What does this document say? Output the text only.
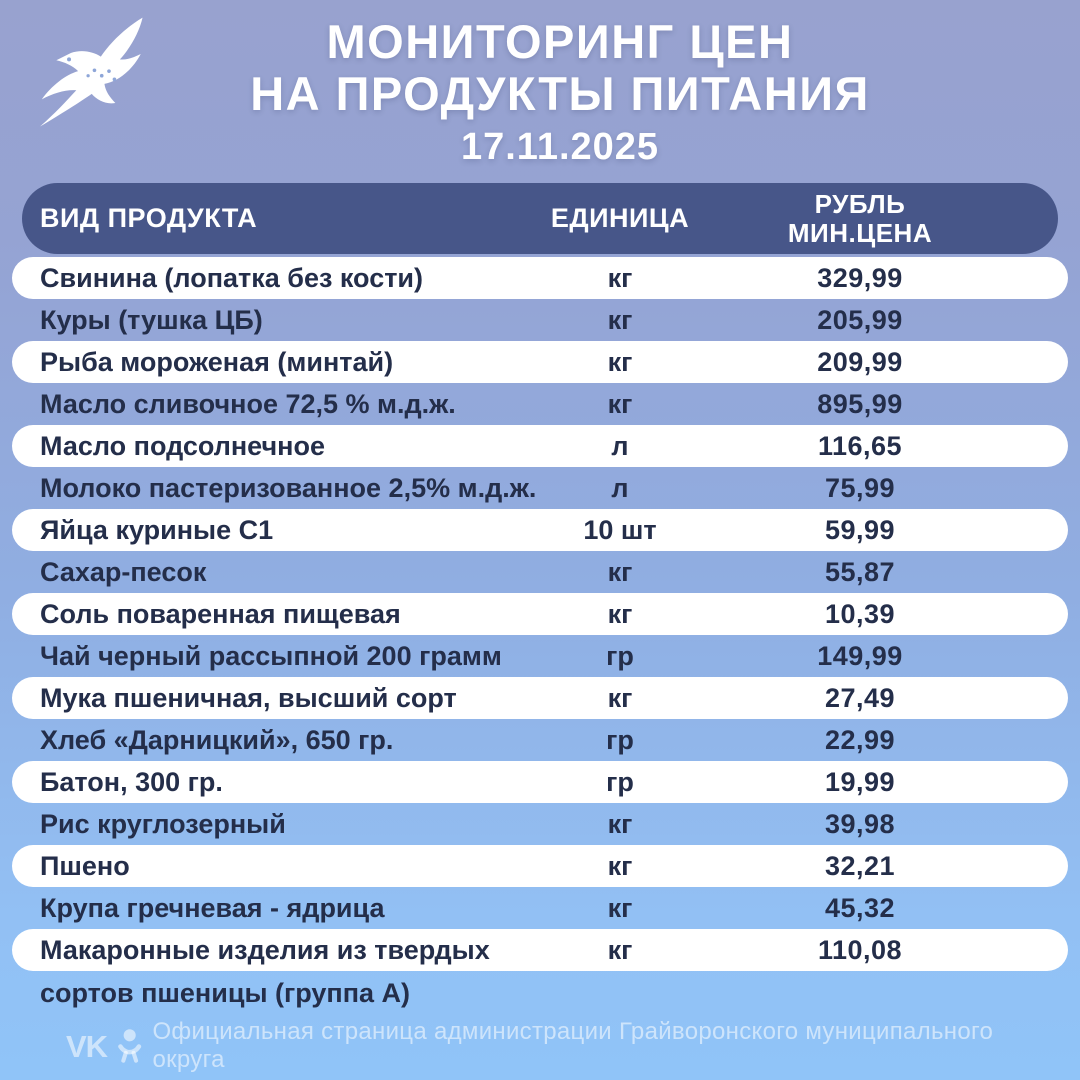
МОНИТОРИНГ ЦЕН
НА ПРОДУКТЫ ПИТАНИЯ
17.11.2025
ВИД ПРОДУКТА	ЕДИНИЦА	РУБЛЬ
МИН.ЦЕНА
Свинина (лопатка без кости)	кг	329,99
Куры (тушка ЦБ)	кг	205,99
Рыба мороженая (минтай)	кг	209,99
Масло сливочное 72,5 % м.д.ж.	кг	895,99
Масло подсолнечное	л	116,65
Молоко пастеризованное 2,5% м.д.ж.	л	75,99
Яйца куриные С1	10 шт	59,99
Сахар-песок	кг	55,87
Соль поваренная пищевая	кг	10,39
Чай черный рассыпной 200 грамм	гр	149,99
Мука пшеничная, высший сорт	кг	27,49
Хлеб «Дарницкий», 650 гр.	гр	22,99
Батон, 300 гр.	гр	19,99
Рис круглозерный	кг	39,98
Пшено	кг	32,21
Крупа гречневая - ядрица	кг	45,32
Макаронные изделия из твердых	кг	110,08
сортов пшеницы (группа А)
VK Официальная страница администрации Грайворонского муниципального округа
